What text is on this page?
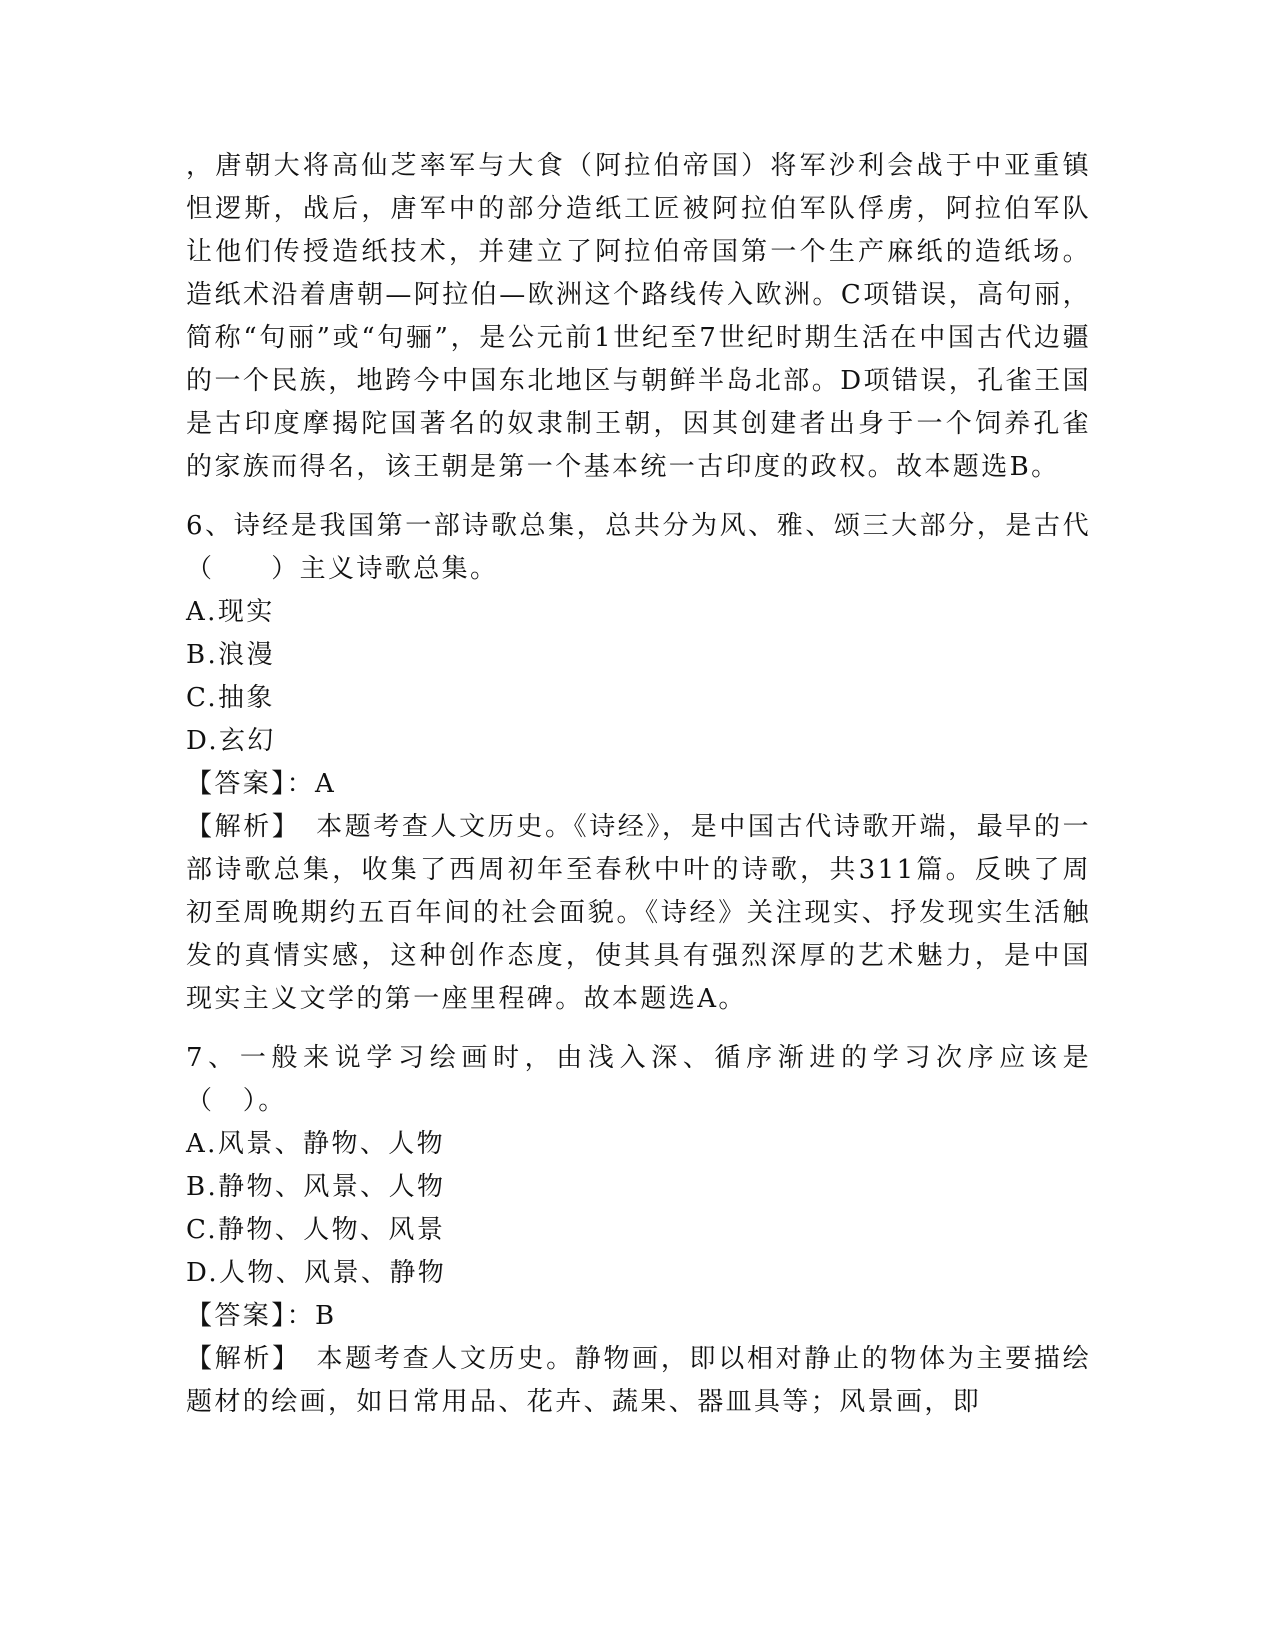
，唐朝大将高仙芝率军与大食（阿拉伯帝国）将军沙利会战于中亚重镇怛逻斯，战后，唐军中的部分造纸工匠被阿拉伯军队俘虏，阿拉伯军队让他们传授造纸技术，并建立了阿拉伯帝国第一个生产麻纸的造纸场。造纸术沿着唐朝—阿拉伯—欧洲这个路线传入欧洲。C项错误，高句丽，简称“句丽”或“句骊”，是公元前1世纪至7世纪时期生活在中国古代边疆的一个民族，地跨今中国东北地区与朝鲜半岛北部。D项错误，孔雀王国是古印度摩揭陀国著名的奴隶制王朝，因其创建者出身于一个饲养孔雀的家族而得名，该王朝是第一个基本统一古印度的政权。故本题选B。

6、诗经是我国第一部诗歌总集，总共分为风、雅、颂三大部分，是古代（　　）主义诗歌总集。

A.现实

B.浪漫

C.抽象

D.玄幻

【答案】：A

【解析】　 本题考查人文历史。《诗经》，是中国古代诗歌开端，最早的一部诗歌总集，收集了西周初年至春秋中叶的诗歌，共311篇。反映了周初至周晚期约五百年间的社会面貌。《诗经》关注现实、抒发现实生活触发的真情实感，这种创作态度，使其具有强烈深厚的艺术魅力，是中国现实主义文学的第一座里程碑。故本题选A。

7、一般来说学习绘画时，由浅入深、循序渐进的学习次序应该是（　）。

A.风景、静物、人物

B.静物、风景、人物

C.静物、人物、风景

D.人物、风景、静物

【答案】：B

【解析】　 本题考查人文历史。静物画，即以相对静止的物体为主要描绘题材的绘画，如日常用品、花卉、蔬果、器皿具等；风景画，即
